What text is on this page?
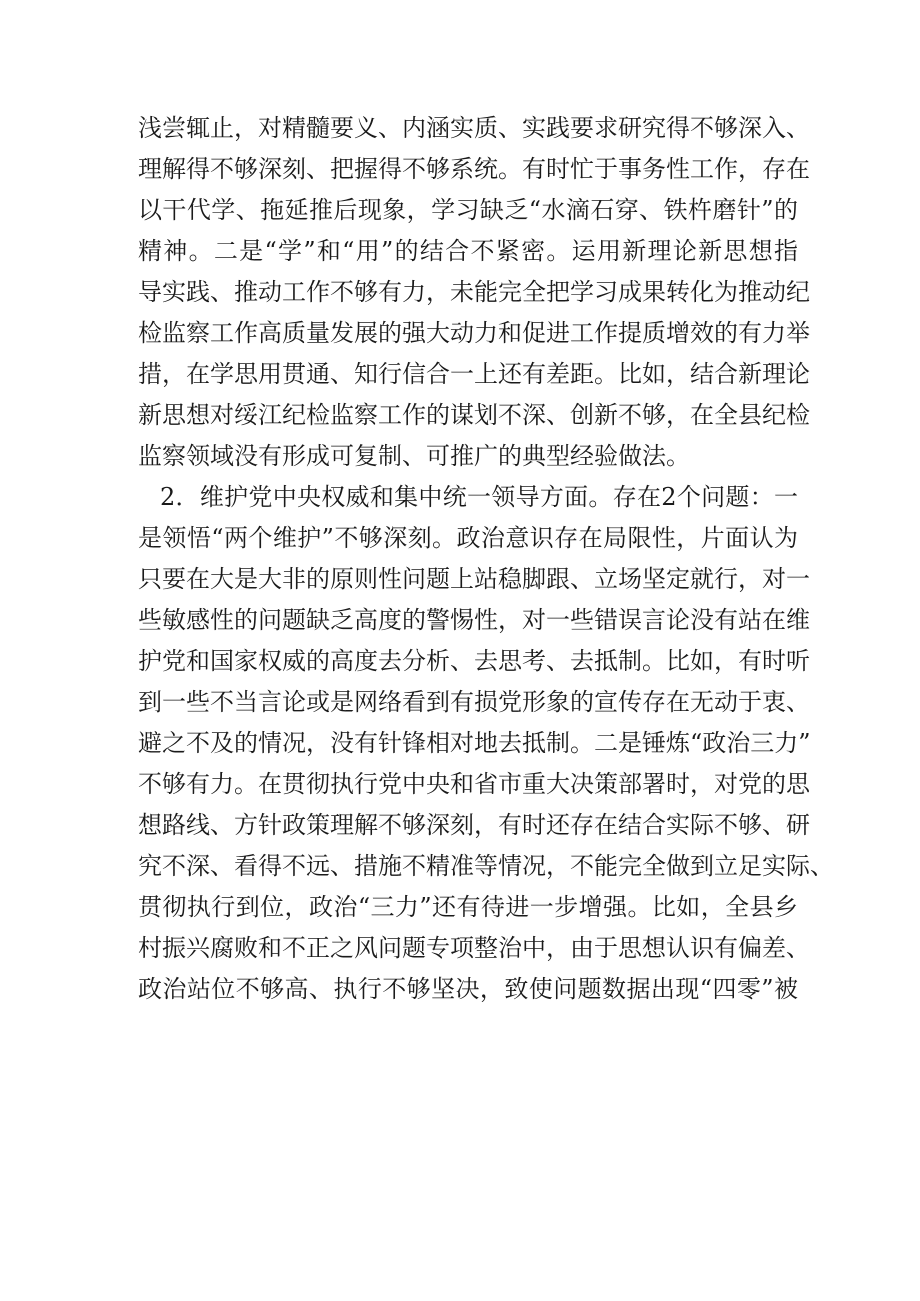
浅尝辄止，对精髓要义、内涵实质、实践要求研究得不够深入、
理解得不够深刻、把握得不够系统。有时忙于事务性工作，存在
以干代学、拖延推后现象，学习缺乏“水滴石穿、铁杵磨针”的
精神。二是“学”和“用”的结合不紧密。运用新理论新思想指
导实践、推动工作不够有力，未能完全把学习成果转化为推动纪
检监察工作高质量发展的强大动力和促进工作提质增效的有力举
措，在学思用贯通、知行信合一上还有差距。比如，结合新理论
新思想对绥江纪检监察工作的谋划不深、创新不够，在全县纪检
监察领域没有形成可复制、可推广的典型经验做法。
2．维护党中央权威和集中统一领导方面。存在2个问题：一
是领悟“两个维护”不够深刻。政治意识存在局限性，片面认为
只要在大是大非的原则性问题上站稳脚跟、立场坚定就行，对一
些敏感性的问题缺乏高度的警惕性，对一些错误言论没有站在维
护党和国家权威的高度去分析、去思考、去抵制。比如，有时听
到一些不当言论或是网络看到有损党形象的宣传存在无动于衷、
避之不及的情况，没有针锋相对地去抵制。二是锤炼“政治三力”
不够有力。在贯彻执行党中央和省市重大决策部署时，对党的思
想路线、方针政策理解不够深刻，有时还存在结合实际不够、研
究不深、看得不远、措施不精准等情况，不能完全做到立足实际、
贯彻执行到位，政治“三力”还有待进一步增强。比如，全县乡
村振兴腐败和不正之风问题专项整治中，由于思想认识有偏差、
政治站位不够高、执行不够坚决，致使问题数据出现“四零”被
